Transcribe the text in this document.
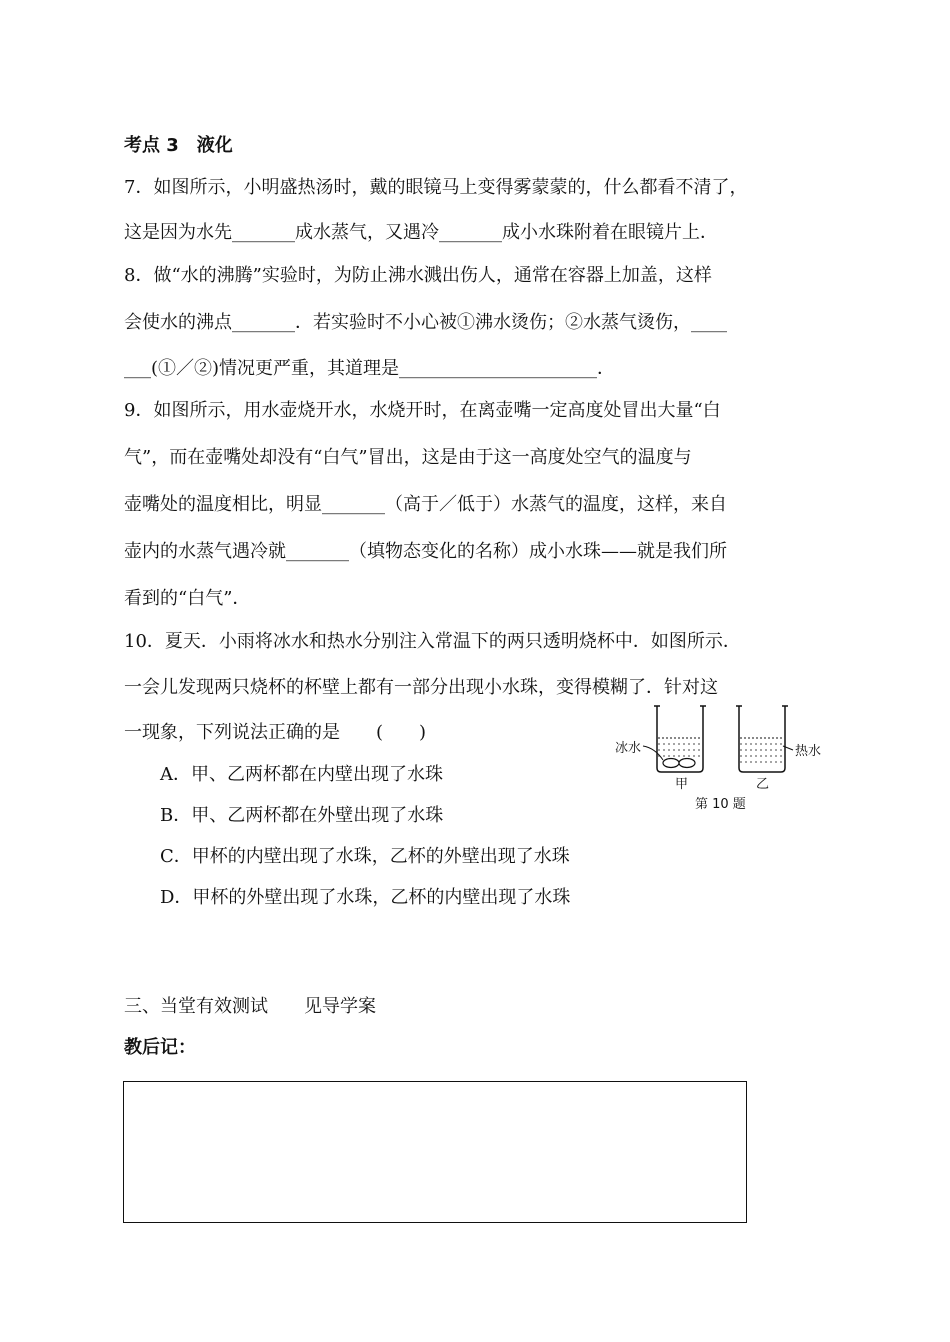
考点 3　液化
7．如图所示，小明盛热汤时，戴的眼镜马上变得雾蒙蒙的，什么都看不清了，
这是因为水先_______成水蒸气，又遇冷_______成小水珠附着在眼镜片上．
8．做“水的沸腾”实验时，为防止沸水溅出伤人，通常在容器上加盖，这样
会使水的沸点_______．若实验时不小心被①沸水烫伤；②水蒸气烫伤，____
___(①／②)情况更严重，其道理是______________________．
9．如图所示，用水壶烧开水，水烧开时，在离壶嘴一定高度处冒出大量“白
气”，而在壶嘴处却没有“白气”冒出，这是由于这一高度处空气的温度与
壶嘴处的温度相比，明显_______（高于／低于）水蒸气的温度，这样，来自
壶内的水蒸气遇冷就_______（填物态变化的名称）成小水珠——就是我们所
看到的“白气”．
10．夏天．小雨将冰水和热水分别注入常温下的两只透明烧杯中．如图所示．
一会儿发现两只烧杯的杯壁上都有一部分出现小水珠，变得模糊了．针对这
一现象，下列说法正确的是　　(　　)
A．甲、乙两杯都在内壁出现了水珠
B．甲、乙两杯都在外壁出现了水珠
C．甲杯的内壁出现了水珠，乙杯的外壁出现了水珠
D．甲杯的外壁出现了水珠，乙杯的内壁出现了水珠
冰水	热水
甲	乙
第 10 题
三、当堂有效测试　　见导学案
教后记：
